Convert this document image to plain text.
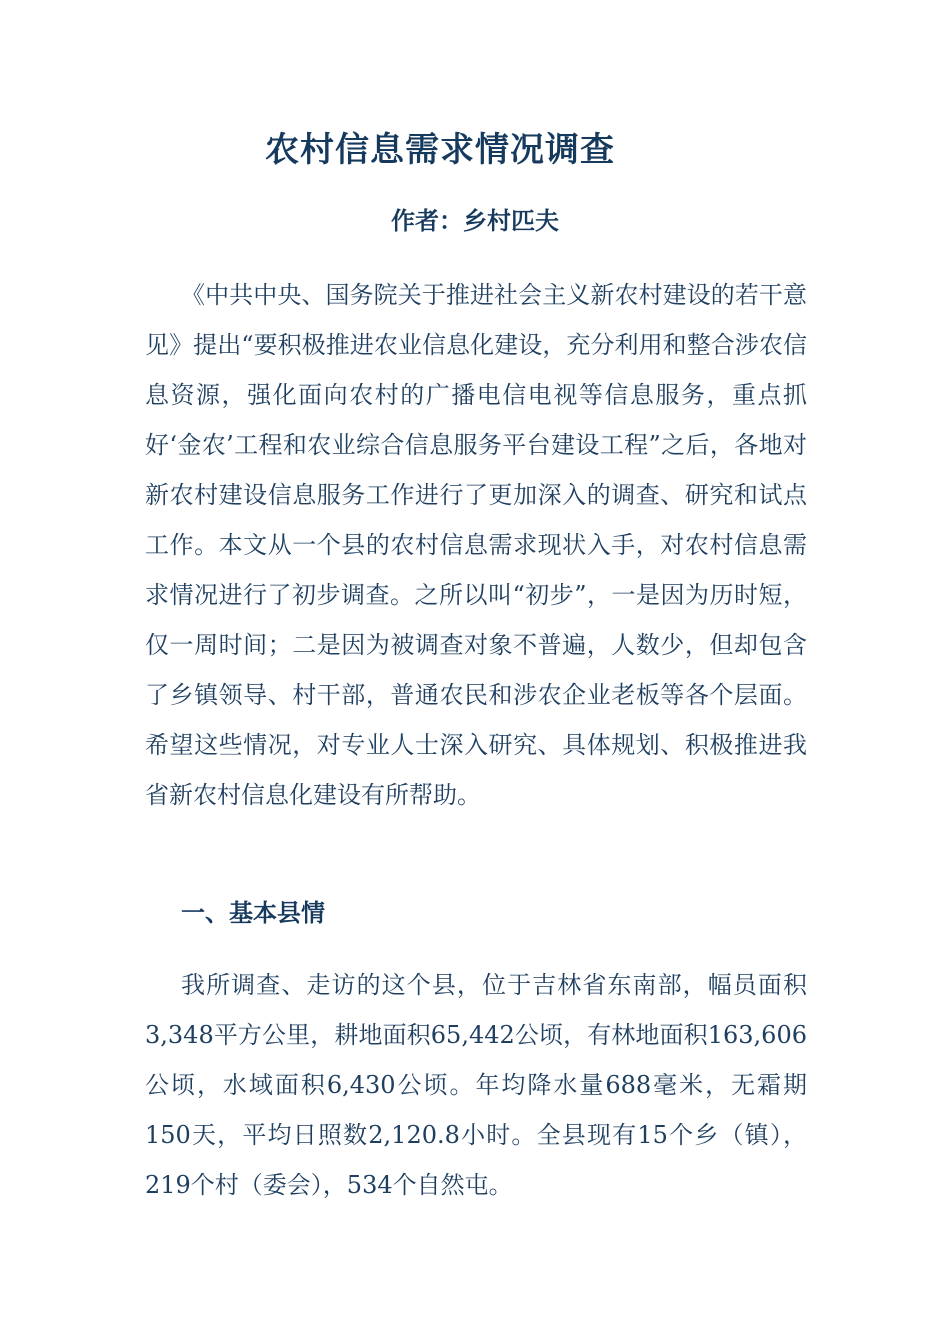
农村信息需求情况调查
作者：乡村匹夫

《中共中央、国务院关于推进社会主义新农村建设的若干意见》提出“要积极推进农业信息化建设，充分利用和整合涉农信息资源，强化面向农村的广播电信电视等信息服务，重点抓好‘金农’工程和农业综合信息服务平台建设工程”之后，各地对新农村建设信息服务工作进行了更加深入的调查、研究和试点工作。本文从一个县的农村信息需求现状入手，对农村信息需求情况进行了初步调查。之所以叫“初步”，一是因为历时短，仅一周时间；二是因为被调查对象不普遍，人数少，但却包含了乡镇领导、村干部，普通农民和涉农企业老板等各个层面。希望这些情况，对专业人士深入研究、具体规划、积极推进我省新农村信息化建设有所帮助。

一、基本县情

我所调查、走访的这个县，位于吉林省东南部，幅员面积3,348平方公里，耕地面积65,442公顷，有林地面积163,606公顷，水域面积6,430公顷。年均降水量688毫米，无霜期150天，平均日照数2,120.8小时。全县现有15个乡（镇），219个村（委会），534个自然屯。
